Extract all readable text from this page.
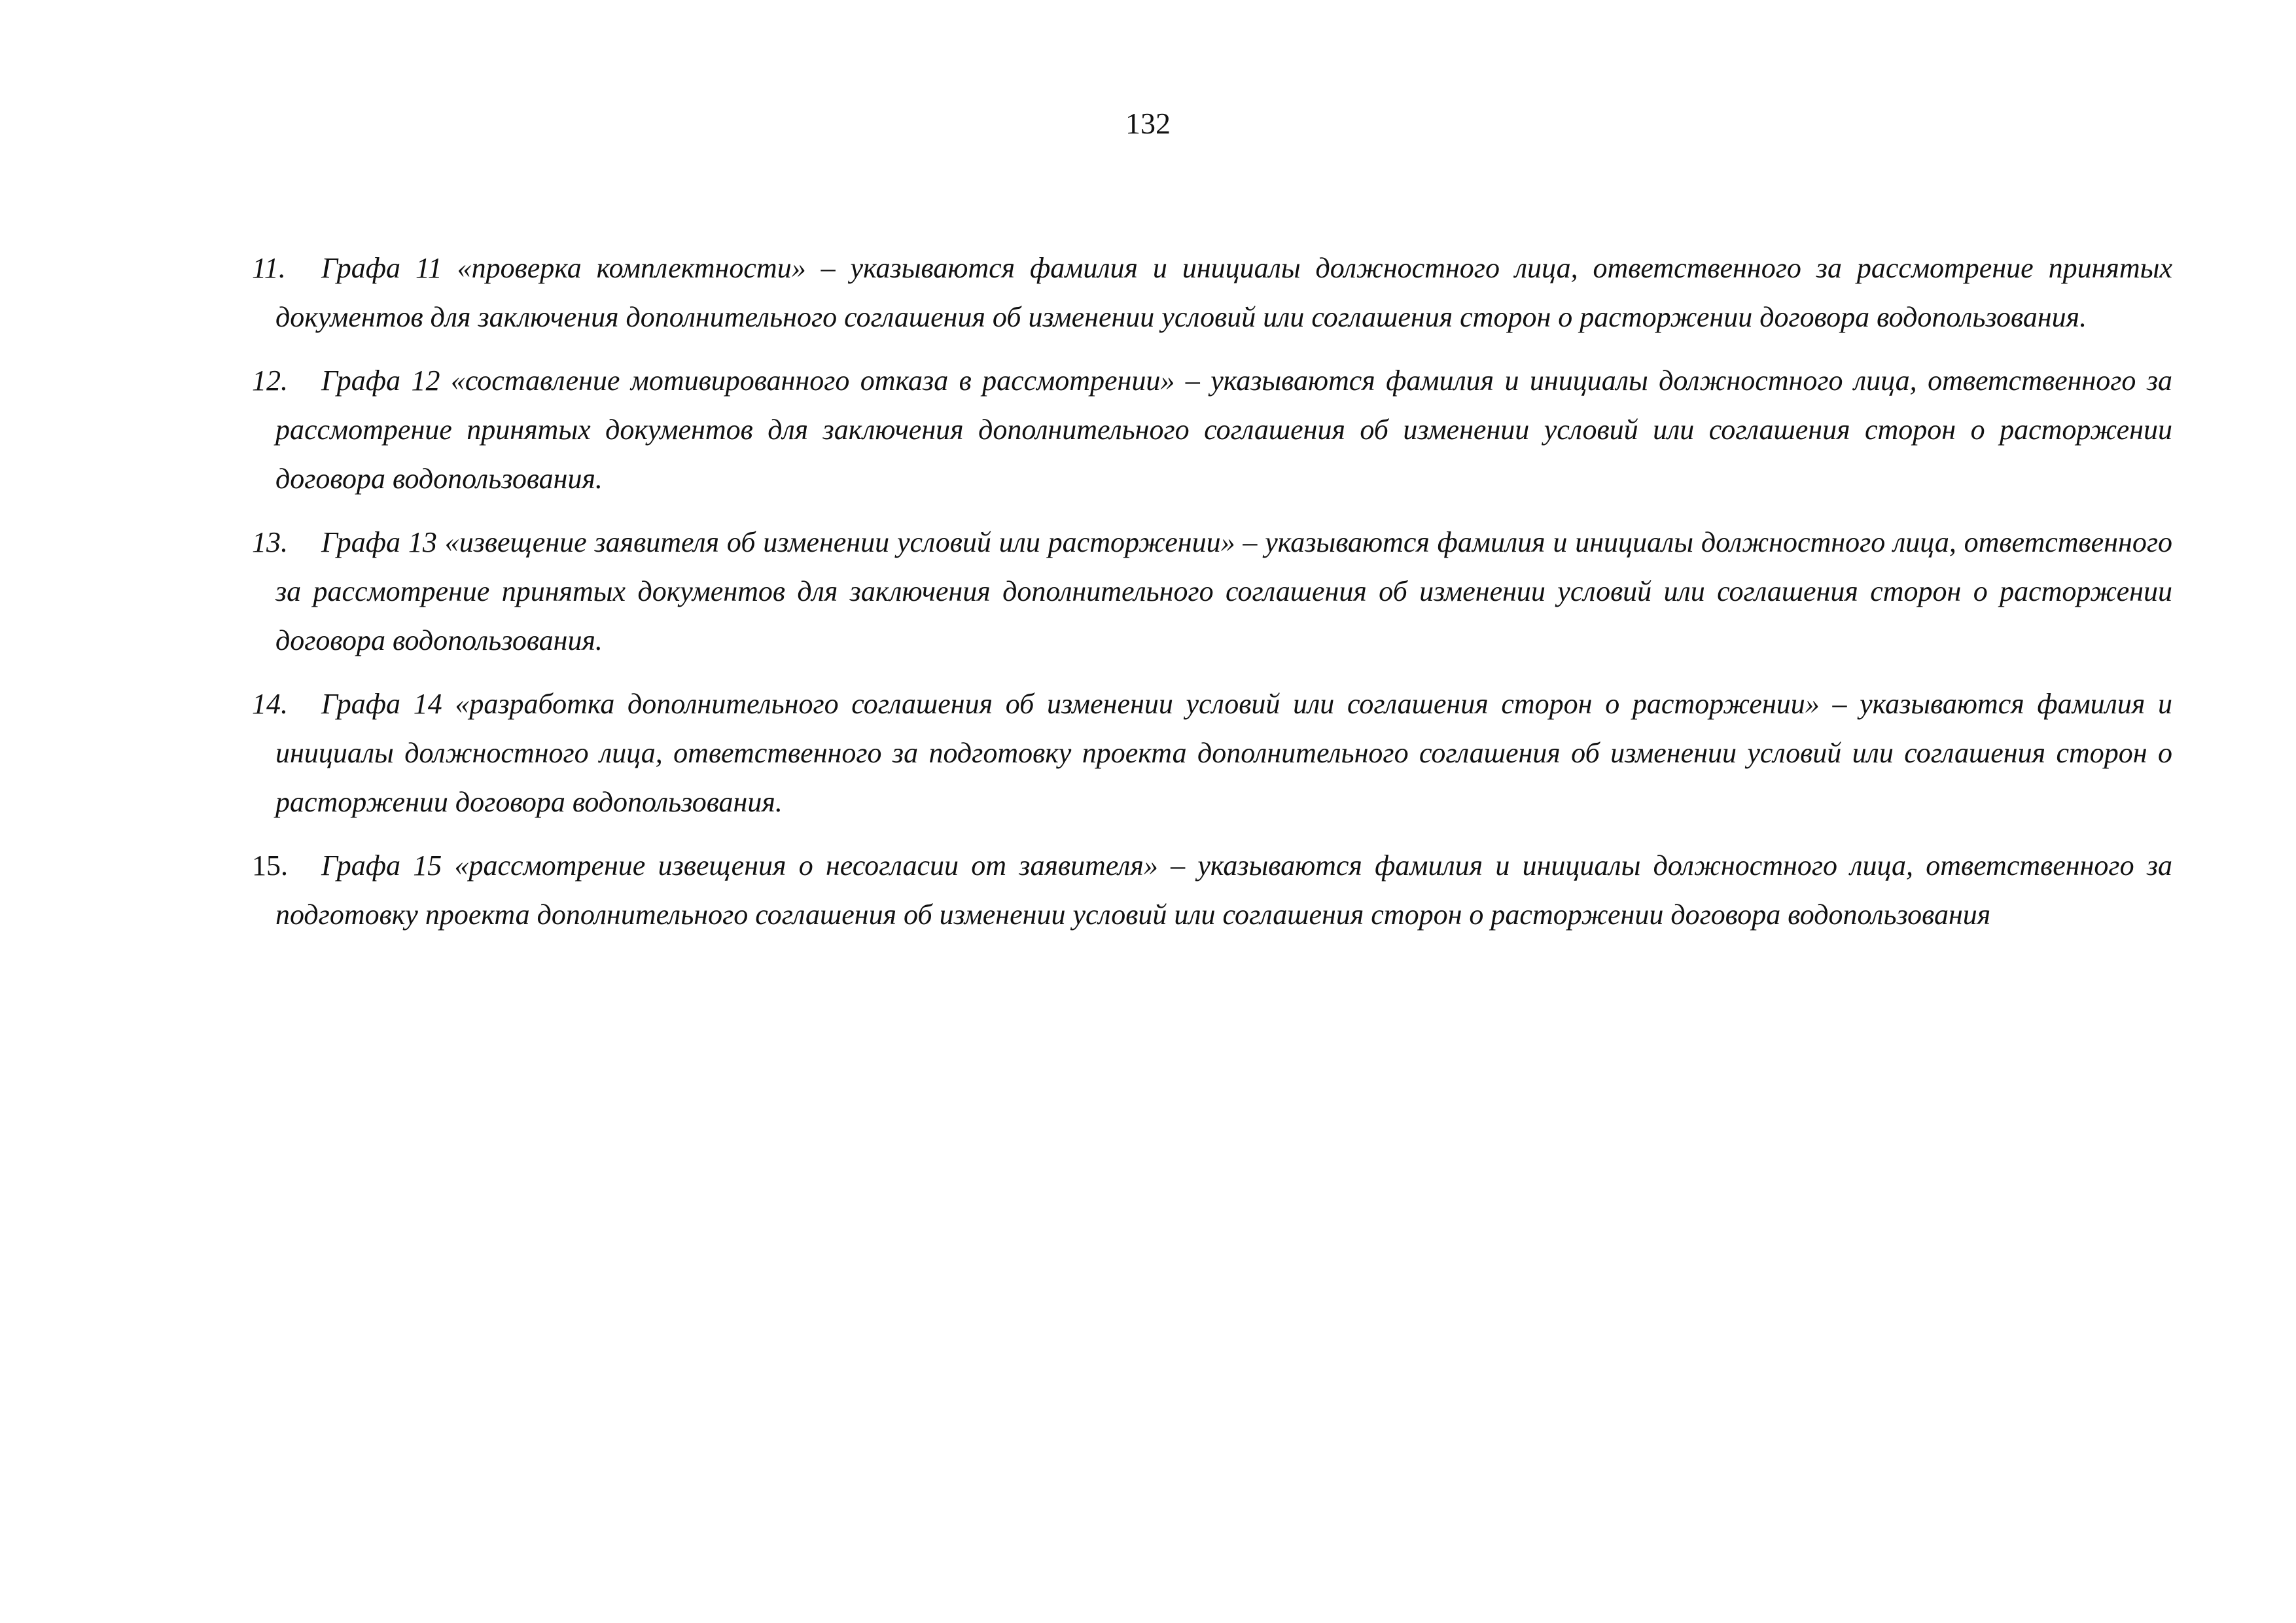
132

11. Графа 11 «проверка комплектности» – указываются фамилия и инициалы должностного лица, ответственного за рассмотрение принятых документов для заключения дополнительного соглашения об изменении условий или соглашения сторон о расторжении договора водопользования.

12. Графа 12 «составление мотивированного отказа в рассмотрении» – указываются фамилия и инициалы должностного лица, ответственного за рассмотрение принятых документов для заключения дополнительного соглашения об изменении условий или соглашения сторон о расторжении договора водопользования.

13. Графа 13 «извещение заявителя об изменении условий или расторжении» – указываются фамилия и инициалы должностного лица, ответственного за рассмотрение принятых документов для заключения дополнительного соглашения об изменении условий или соглашения сторон о расторжении договора водопользования.

14. Графа 14 «разработка дополнительного соглашения об изменении условий или соглашения сторон о расторжении» – указываются фамилия и инициалы должностного лица, ответственного за подготовку проекта дополнительного соглашения об изменении условий или соглашения сторон о расторжении договора водопользования.

15. Графа 15 «рассмотрение извещения о несогласии от заявителя» – указываются фамилия и инициалы должностного лица, ответственного за подготовку проекта дополнительного соглашения об изменении условий или соглашения сторон о расторжении договора водопользования
